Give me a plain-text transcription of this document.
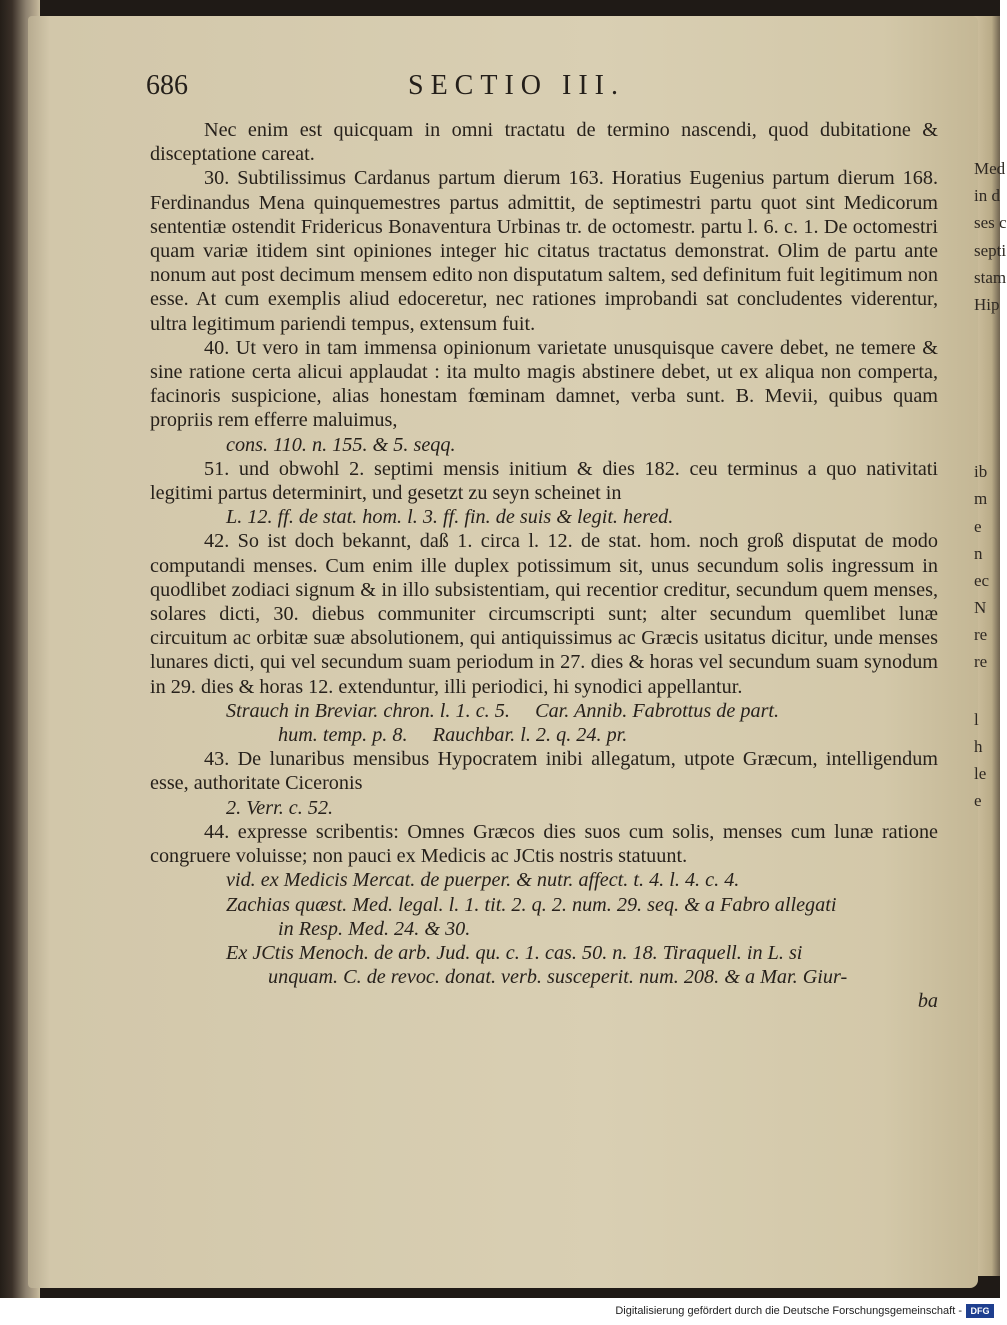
Med
in d
ses c
septi
stam
Hip
ib
m
e
n
ec
N
re
re
l
h
le
e
686	SECTIO III.

Nec enim est quicquam in omni tractatu de termino nascendi, quod dubitatione & disceptatione careat.

30. Subtilissimus Cardanus partum dierum 163. Horatius Eugenius partum dierum 168. Ferdinandus Mena quinquemestres partus admittit, de septimestri partu quot sint Medicorum sententiæ ostendit Fridericus Bonaventura Urbinas tr. de octomestr. partu l. 6. c. 1. De octomestri quam variæ itidem sint opiniones integer hic citatus tractatus demonstrat. Olim de partu ante nonum aut post decimum mensem edito non disputatum saltem, sed definitum fuit legitimum non esse. At cum exemplis aliud edoceretur, nec rationes improbandi sat concludentes viderentur, ultra legitimum pariendi tempus, extensum fuit.

40. Ut vero in tam immensa opinionum varietate unusquisque cavere debet, ne temere & sine ratione certa alicui applaudat : ita multo magis abstinere debet, ut ex aliqua non comperta, facinoris suspicione, alias honestam fœminam damnet, verba sunt. B. Mevii, quibus quam propriis rem efferre maluimus,

cons. 110. n. 155. & 5. seqq.

51. und obwohl 2. septimi mensis initium & dies 182. ceu terminus a quo nativitati legitimi partus determinirt, und gesetzt zu seyn scheinet in

L. 12. ff. de stat. hom. l. 3. ff. fin. de suis & legit. hered.

42. So ist doch bekannt, daß 1. circa l. 12. de stat. hom. noch groß disputat de modo computandi menses. Cum enim ille duplex potissimum sit, unus secundum solis ingressum in quodlibet zodiaci signum & in illo subsistentiam, qui recentior creditur, secundum quem menses, solares dicti, 30. diebus communiter circumscripti sunt; alter secundum quemlibet lunæ circuitum ac orbitæ suæ absolutionem, qui antiquissimus ac Græcis usitatus dicitur, unde menses lunares dicti, qui vel secundum suam periodum in 27. dies & horas vel secundum suam synodum in 29. dies & horas 12. extenduntur, illi periodici, hi synodici appellantur.

Strauch in Breviar. chron. l. 1. c. 5.     Car. Annib. Fabrottus de part.

hum. temp. p. 8.     Rauchbar. l. 2. q. 24. pr.

43. De lunaribus mensibus Hypocratem inibi allegatum, utpote Græcum, intelligendum esse, authoritate Ciceronis

2. Verr. c. 52.

44. expresse scribentis: Omnes Græcos dies suos cum solis, menses cum lunæ ratione congruere voluisse; non pauci ex Medicis ac JCtis nostris statuunt.

vid. ex Medicis Mercat. de puerper. & nutr. affect. t. 4. l. 4. c. 4.

Zachias quæst. Med. legal. l. 1. tit. 2. q. 2. num. 29. seq. & a Fabro allegati

in Resp. Med. 24. & 30.

Ex JCtis Menoch. de arb. Jud. qu. c. 1. cas. 50. n. 18. Tiraquell. in L. si

unquam. C. de revoc. donat. verb. susceperit. num. 208. & a Mar. Giur-

ba

Digitalisierung gefördert durch die Deutsche Forschungsgemeinschaft - DFG
